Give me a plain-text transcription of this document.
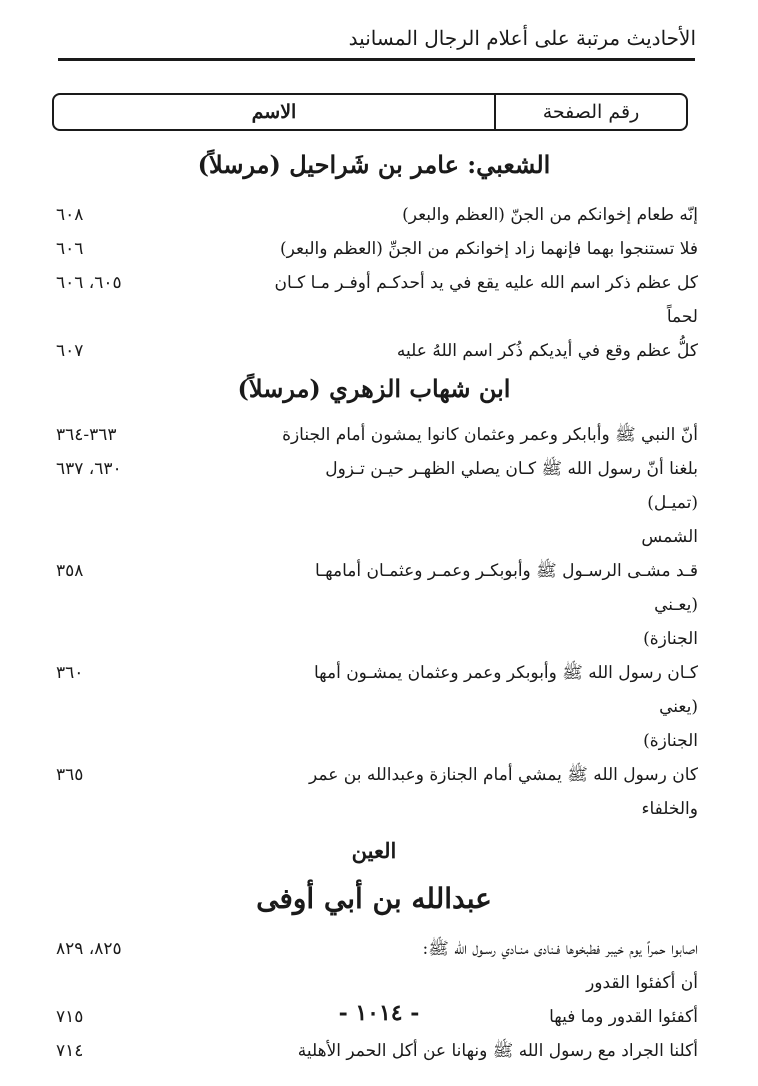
الأحاديث مرتبة على أعلام الرجال المسانيد
الاسم	رقم الصفحة
الشعبي: عامر بن شَراحيل (مرسلاً)
إنّه طعام إخوانكم من الجنّ (العظم والبعر)
٦٠٨
فلا تستنجوا بهما فإنهما زاد إخوانكم من الجنِّ (العظم والبعر)
٦٠٦
كل عظم ذكر اسم الله عليه يقع في يد أحدكـم أوفـر مـا كـان
لحماً
٦٠٥، ٦٠٦
كلُّ عظم وقع في أيديكم ذُكر اسم اللهُ عليه
٦٠٧
ابن شهاب الزهري (مرسلاً)
أنّ النبي ﷺ وأبابكر وعمر وعثمان كانوا يمشون أمام الجنازة
٣٦٣-٣٦٤
بلغنا أنّ رسول الله ﷺ كـان يصلي الظهـر حيـن تـزول (تميـل)
الشمس
٦٣٠، ٦٣٧
قـد مشـى الرسـول ﷺ وأبوبكـر وعمـر وعثمـان أمامهـا (يعـني
الجنازة)
٣٥٨
كـان رسول الله ﷺ وأبوبكر وعمر وعثمان يمشـون أمها (يعني
الجنازة)
٣٦٠
كان رسول الله ﷺ يمشي أمام الجنازة وعبدالله بن عمر والخلفاء
٣٦٥
العين
عبدالله بن أبي أوفى
اصابوا حمراً يوم خيبر فطبخوها فـنادى منـادي رسـول الله ﷺ:
أن أكفئوا القدور
٨٢٥، ٨٢٩
أكفئوا القدور وما فيها
٧١٥
أكلنا الجراد مع رسول الله ﷺ ونهانا عن أكل الحمر الأهلية
٧١٤
- ١٠١٤ -
